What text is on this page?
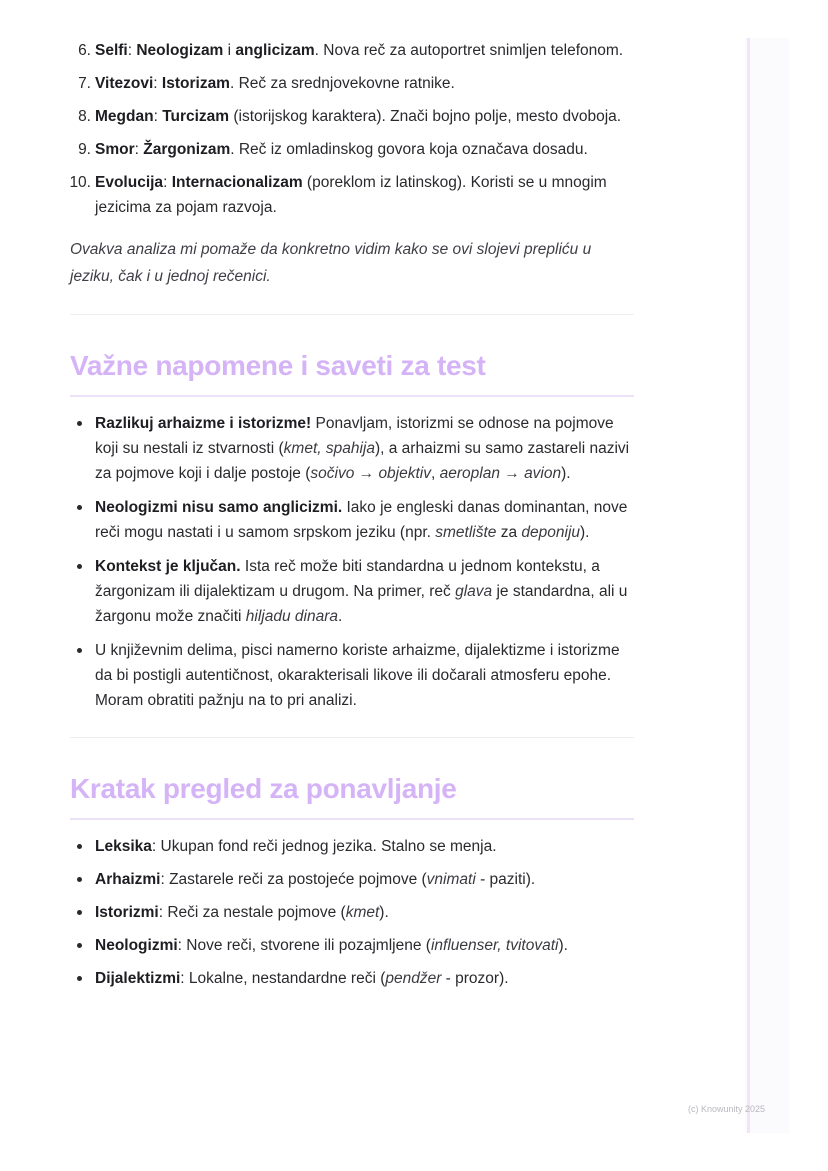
6. Selfi: Neologizam i anglicizam. Nova reč za autoportret snimljen telefonom.
7. Vitezovi: Istorizam. Reč za srednjovekovne ratnike.
8. Megdan: Turcizam (istorijskog karaktera). Znači bojno polje, mesto dvoboja.
9. Smor: Žargonizam. Reč iz omladinskog govora koja označava dosadu.
10. Evolucija: Internacionalizam (poreklom iz latinskog). Koristi se u mnogim jezicima za pojam razvoja.

Ovakva analiza mi pomaže da konkretno vidim kako se ovi slojevi prepliću u jeziku, čak i u jednoj rečenici.

Važne napomene i saveti za test
Razlikuj arhaizme i istorizme! Ponavljam, istorizmi se odnose na pojmove koji su nestali iz stvarnosti (kmet, spahija), a arhaizmi su samo zastareli nazivi za pojmove koji i dalje postoje (sočivo → objektiv, aeroplan → avion).
Neologizmi nisu samo anglicizmi. Iako je engleski danas dominantan, nove reči mogu nastati i u samom srpskom jeziku (npr. smetlište za deponiju).
Kontekst je ključan. Ista reč može biti standardna u jednom kontekstu, a žargonizam ili dijalektizam u drugom. Na primer, reč glava je standardna, ali u žargonu može značiti hiljadu dinara.
U književnim delima, pisci namerno koriste arhaizme, dijalektizme i istorizme da bi postigli autentičnost, okarakterisali likove ili dočarali atmosferu epohe. Moram obratiti pažnju na to pri analizi.
Kratak pregled za ponavljanje
Leksika: Ukupan fond reči jednog jezika. Stalno se menja.
Arhaizmi: Zastarele reči za postojeće pojmove (vnimati - paziti).
Istorizmi: Reči za nestale pojmove (kmet).
Neologizmi: Nove reči, stvorene ili pozajmljene (influenser, tvitovati).
Dijalektizmi: Lokalne, nestandardne reči (pendžer - prozor).
(c) Knowunity 2025
